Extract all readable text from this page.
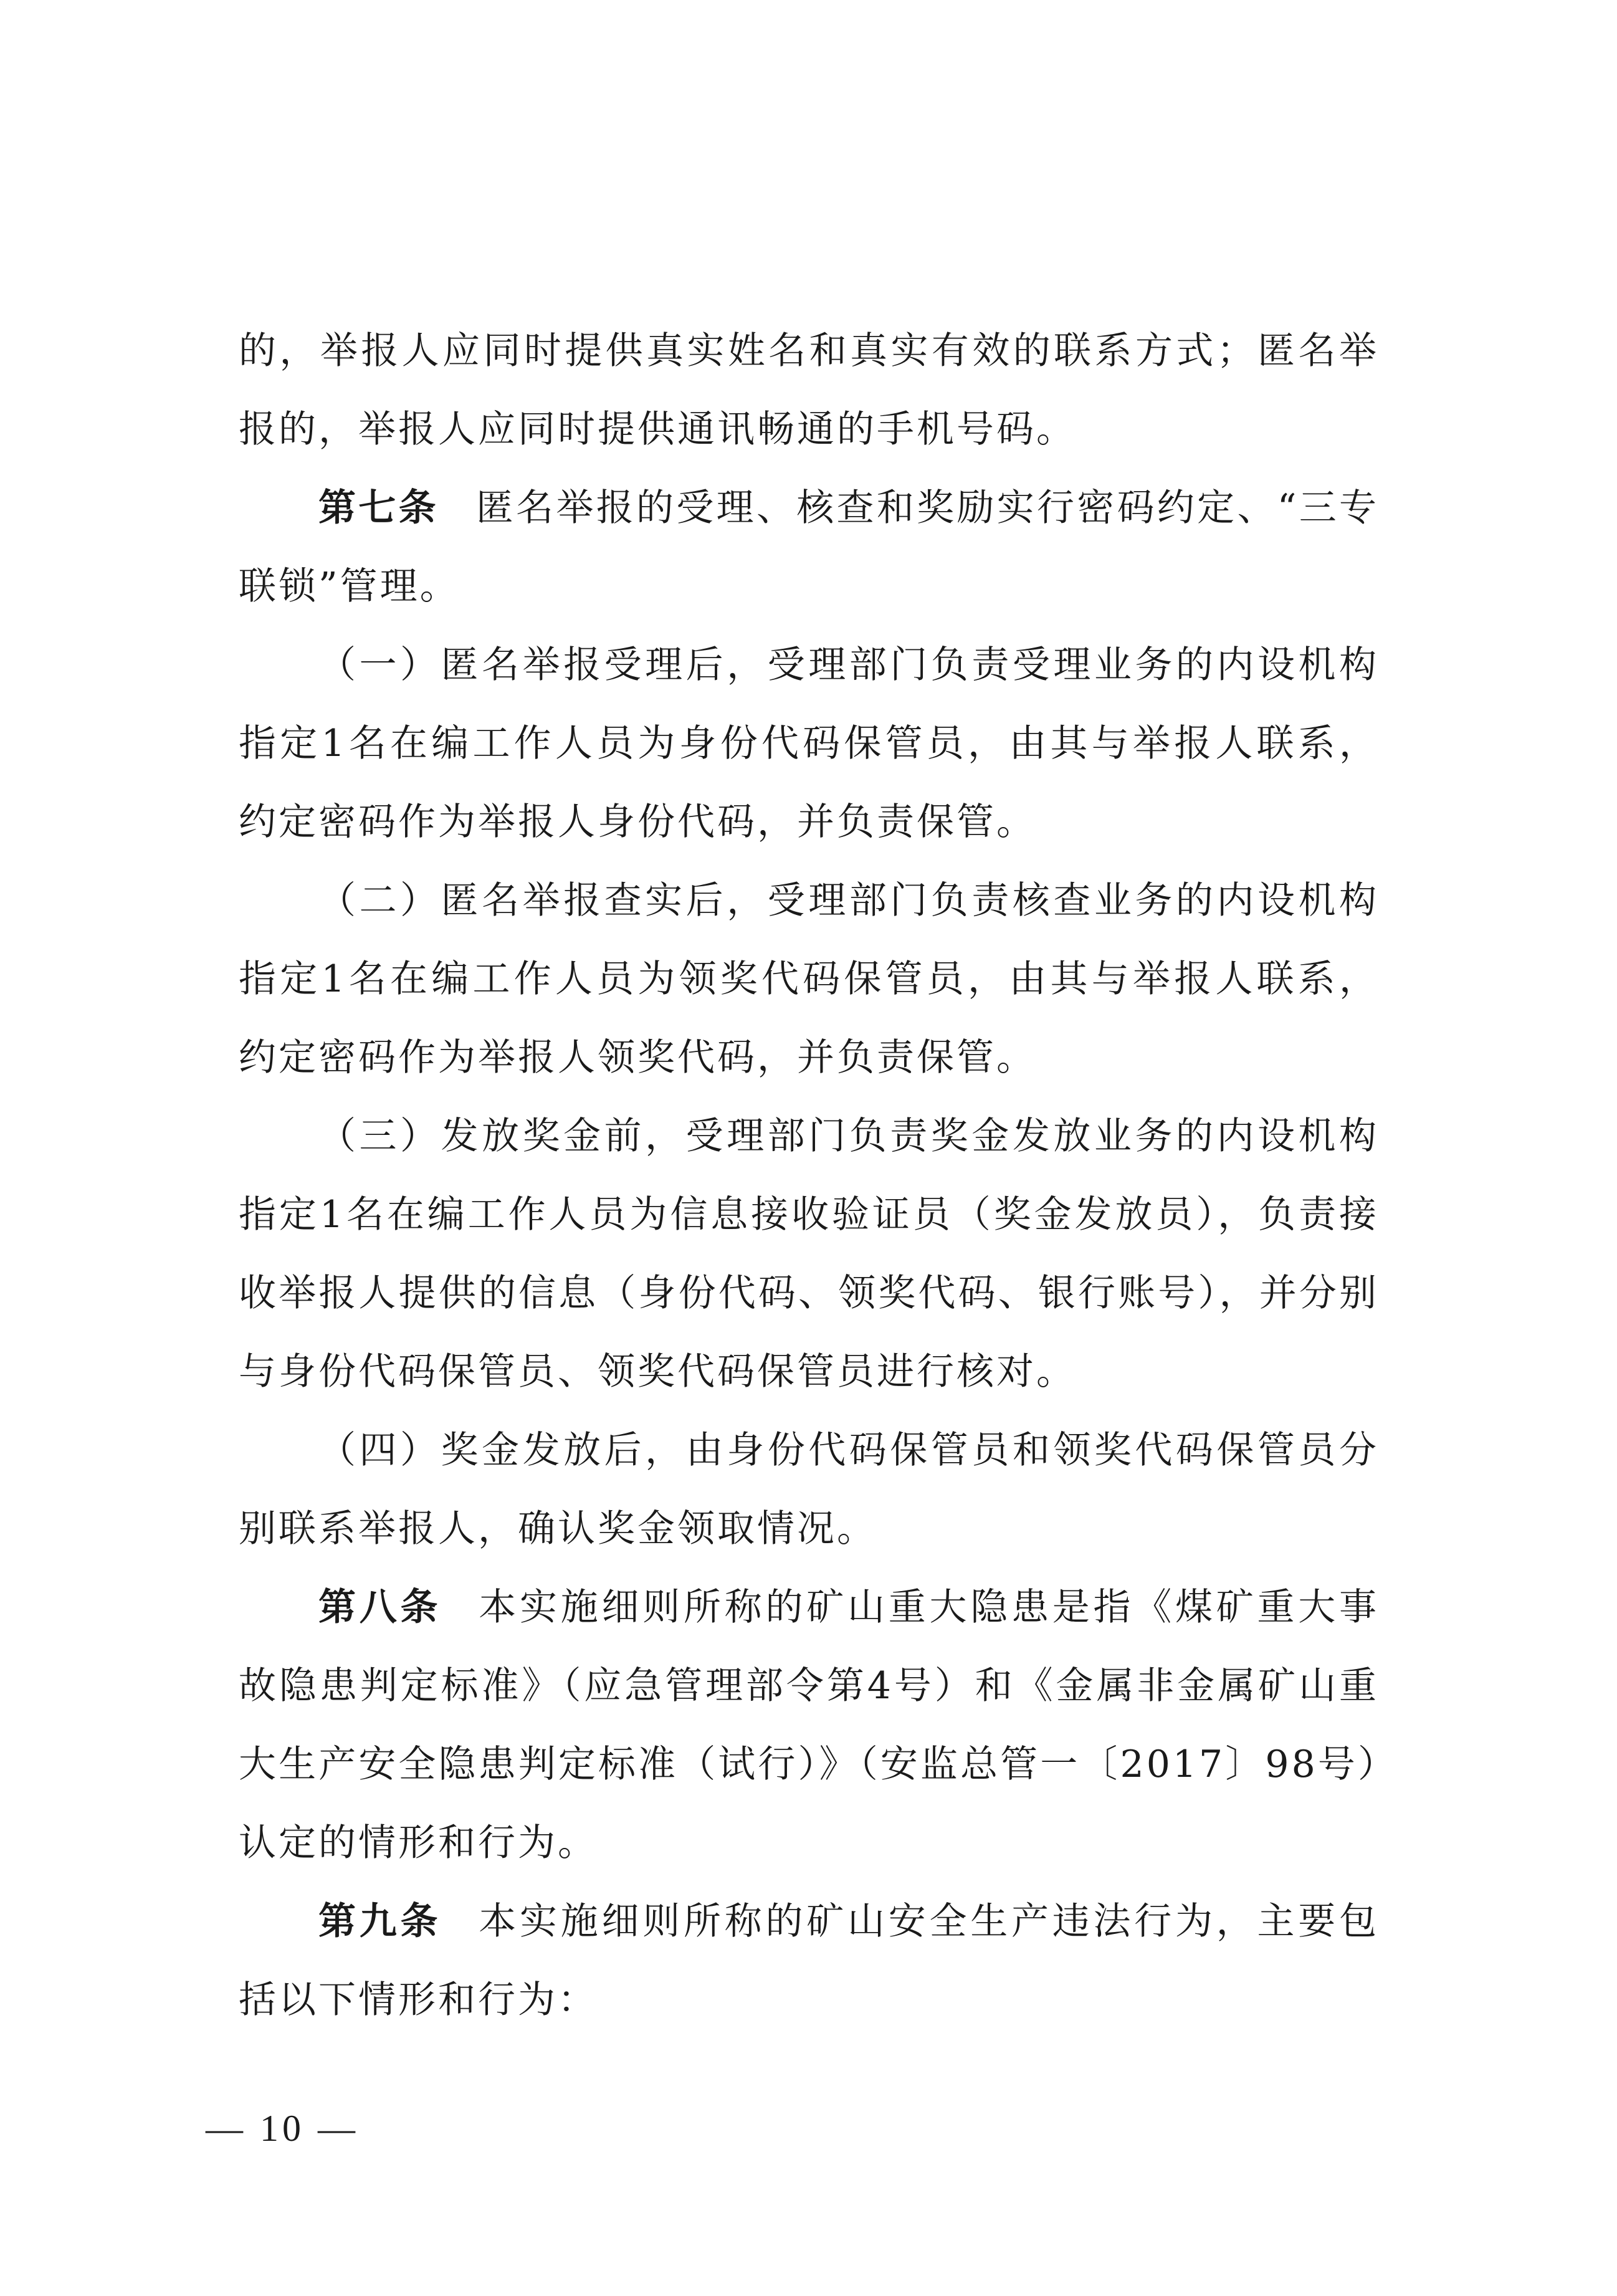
的，举报人应同时提供真实姓名和真实有效的联系方式；匿名举报的，举报人应同时提供通讯畅通的手机号码。

第七条 匿名举报的受理、核查和奖励实行密码约定、“三专联锁”管理。

（一）匿名举报受理后，受理部门负责受理业务的内设机构指定1名在编工作人员为身份代码保管员，由其与举报人联系，约定密码作为举报人身份代码，并负责保管。

（二）匿名举报查实后，受理部门负责核查业务的内设机构指定1名在编工作人员为领奖代码保管员，由其与举报人联系，约定密码作为举报人领奖代码，并负责保管。

（三）发放奖金前，受理部门负责奖金发放业务的内设机构指定1名在编工作人员为信息接收验证员（奖金发放员），负责接收举报人提供的信息（身份代码、领奖代码、银行账号），并分别与身份代码保管员、领奖代码保管员进行核对。

（四）奖金发放后，由身份代码保管员和领奖代码保管员分别联系举报人，确认奖金领取情况。

第八条 本实施细则所称的矿山重大隐患是指《煤矿重大事故隐患判定标准》（应急管理部令第4号）和《金属非金属矿山重大生产安全隐患判定标准（试行）》（安监总管一〔2017〕98号）认定的情形和行为。

第九条 本实施细则所称的矿山安全生产违法行为，主要包括以下情形和行为：

— 10 —
